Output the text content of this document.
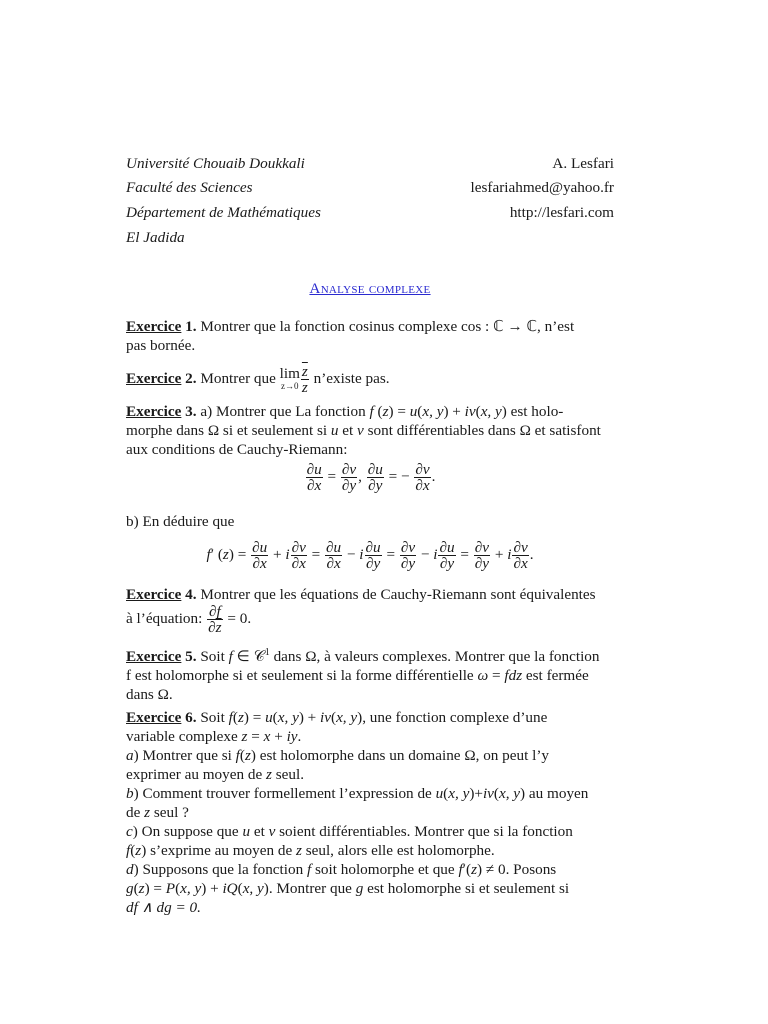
Université Chouaib Doukkali	A. Lesfari
Faculté des Sciences	lesfariahmed@yahoo.fr
Département de Mathématiques	http://lesfari.com
El Jadida
Analyse complexe
Exercice 1. Montrer que la fonction cosinus complexe cos : ℂ → ℂ, n’est
pas bornée.
Exercice 2. Montrer que lim
$z\to 0 \frac{\overline{z}}{z}$ n’existe pas.
Exercice 3. a) Montrer que La fonction f (z) = u(x, y) + iv(x, y) est holo-
morphe dans Ω si et seulement si u et v sont différentiables dans Ω et satisfont
aux conditions de Cauchy-Riemann:
$\frac{\partial u}{\partial x} = \frac{\partial v}{\partial y}$ , $\frac{\partial u}{\partial y}$ = − $\frac{\partial v}{\partial x}$ .
b) En déduire que
f′ $(z) = \frac{\partial u}{\partial x} + i \frac{\partial v}{\partial x} = \frac{\partial u}{\partial x} - i \frac{\partial u}{\partial y} = \frac{\partial v}{\partial y} - i \frac{\partial u}{\partial y} = \frac{\partial v}{\partial y} + i \frac{\partial v}{\partial x}$ .
Exercice 4. Montrer que les équations de Cauchy-Riemann sont équivalentes
à l’équation: $\frac{\partial f}{\partial\overline{z}} = 0$.
Exercice 5. Soit f ∈ 𝒞$^1$ dans Ω, à valeurs complexes. Montrer que la fonction
f est holomorphe si et seulement si la forme différentielle ω = fdz est fermée
dans Ω.
Exercice 6. Soit f(z) = u(x, y) + iv(x, y), une fonction complexe d’une
variable complexe z = x + iy.
a) Montrer que si f(z) est holomorphe dans un domaine Ω, on peut l’y
exprimer au moyen de z seul.
b) Comment trouver formellement l’expression de u(x, y)+iv(x, y) au moyen
de z seul ?
c) On suppose que u et v soient différentiables. Montrer que si la fonction
f(z) s’exprime au moyen de z seul, alors elle est holomorphe.
d) Supposons que la fonction f soit holomorphe et que f′(z) ≠ 0. Posons
g(z) = P(x, y) + iQ(x, y). Montrer que g est holomorphe si et seulement si
df ∧ dg = 0.
